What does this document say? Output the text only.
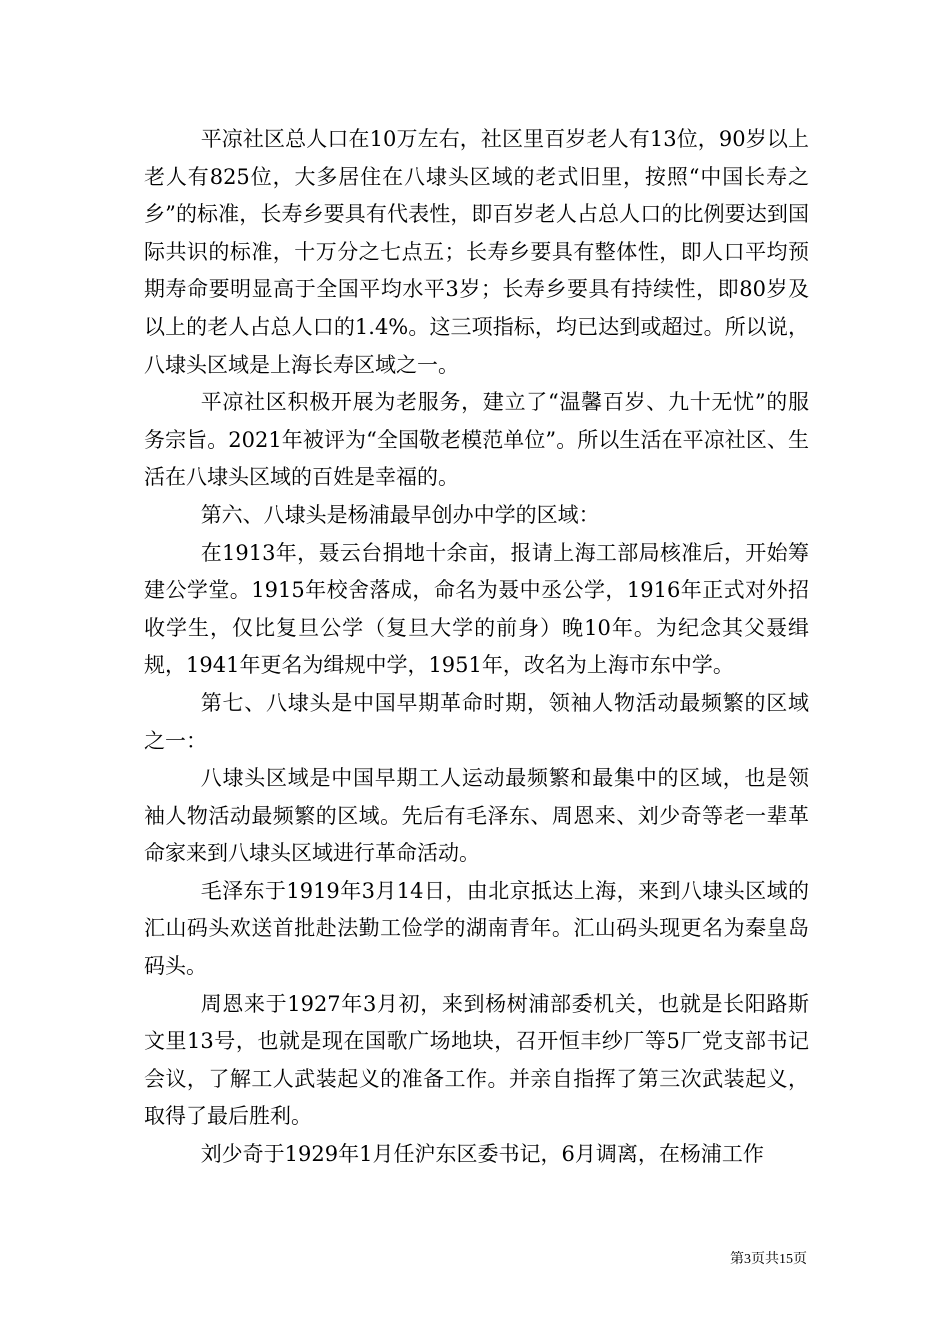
平凉社区总人口在10万左右，社区里百岁老人有13位，90岁以上老人有825位，大多居住在八埭头区域的老式旧里，按照“中国长寿之乡”的标准，长寿乡要具有代表性，即百岁老人占总人口的比例要达到国际共识的标准，十万分之七点五；长寿乡要具有整体性，即人口平均预期寿命要明显高于全国平均水平3岁；长寿乡要具有持续性，即80岁及以上的老人占总人口的1.4%。这三项指标，均已达到或超过。所以说，八埭头区域是上海长寿区域之一。

平凉社区积极开展为老服务，建立了“温馨百岁、九十无忧”的服务宗旨。2021年被评为“全国敬老模范单位”。所以生活在平凉社区、生活在八埭头区域的百姓是幸福的。

第六、八埭头是杨浦最早创办中学的区域：

在1913年，聂云台捐地十余亩，报请上海工部局核准后，开始筹建公学堂。1915年校舍落成，命名为聂中丞公学，1916年正式对外招收学生，仅比复旦公学（复旦大学的前身）晚10年。为纪念其父聂缉规，1941年更名为缉规中学，1951年，改名为上海市东中学。

第七、八埭头是中国早期革命时期，领袖人物活动最频繁的区域之一：

八埭头区域是中国早期工人运动最频繁和最集中的区域，也是领袖人物活动最频繁的区域。先后有毛泽东、周恩来、刘少奇等老一辈革命家来到八埭头区域进行革命活动。

毛泽东于1919年3月14日，由北京抵达上海，来到八埭头区域的汇山码头欢送首批赴法勤工俭学的湖南青年。汇山码头现更名为秦皇岛码头。

周恩来于1927年3月初，来到杨树浦部委机关，也就是长阳路斯文里13号，也就是现在国歌广场地块，召开恒丰纱厂等5厂党支部书记会议，了解工人武装起义的准备工作。并亲自指挥了第三次武装起义，取得了最后胜利。

刘少奇于1929年1月任沪东区委书记，6月调离，在杨浦工作

第3页共15页
